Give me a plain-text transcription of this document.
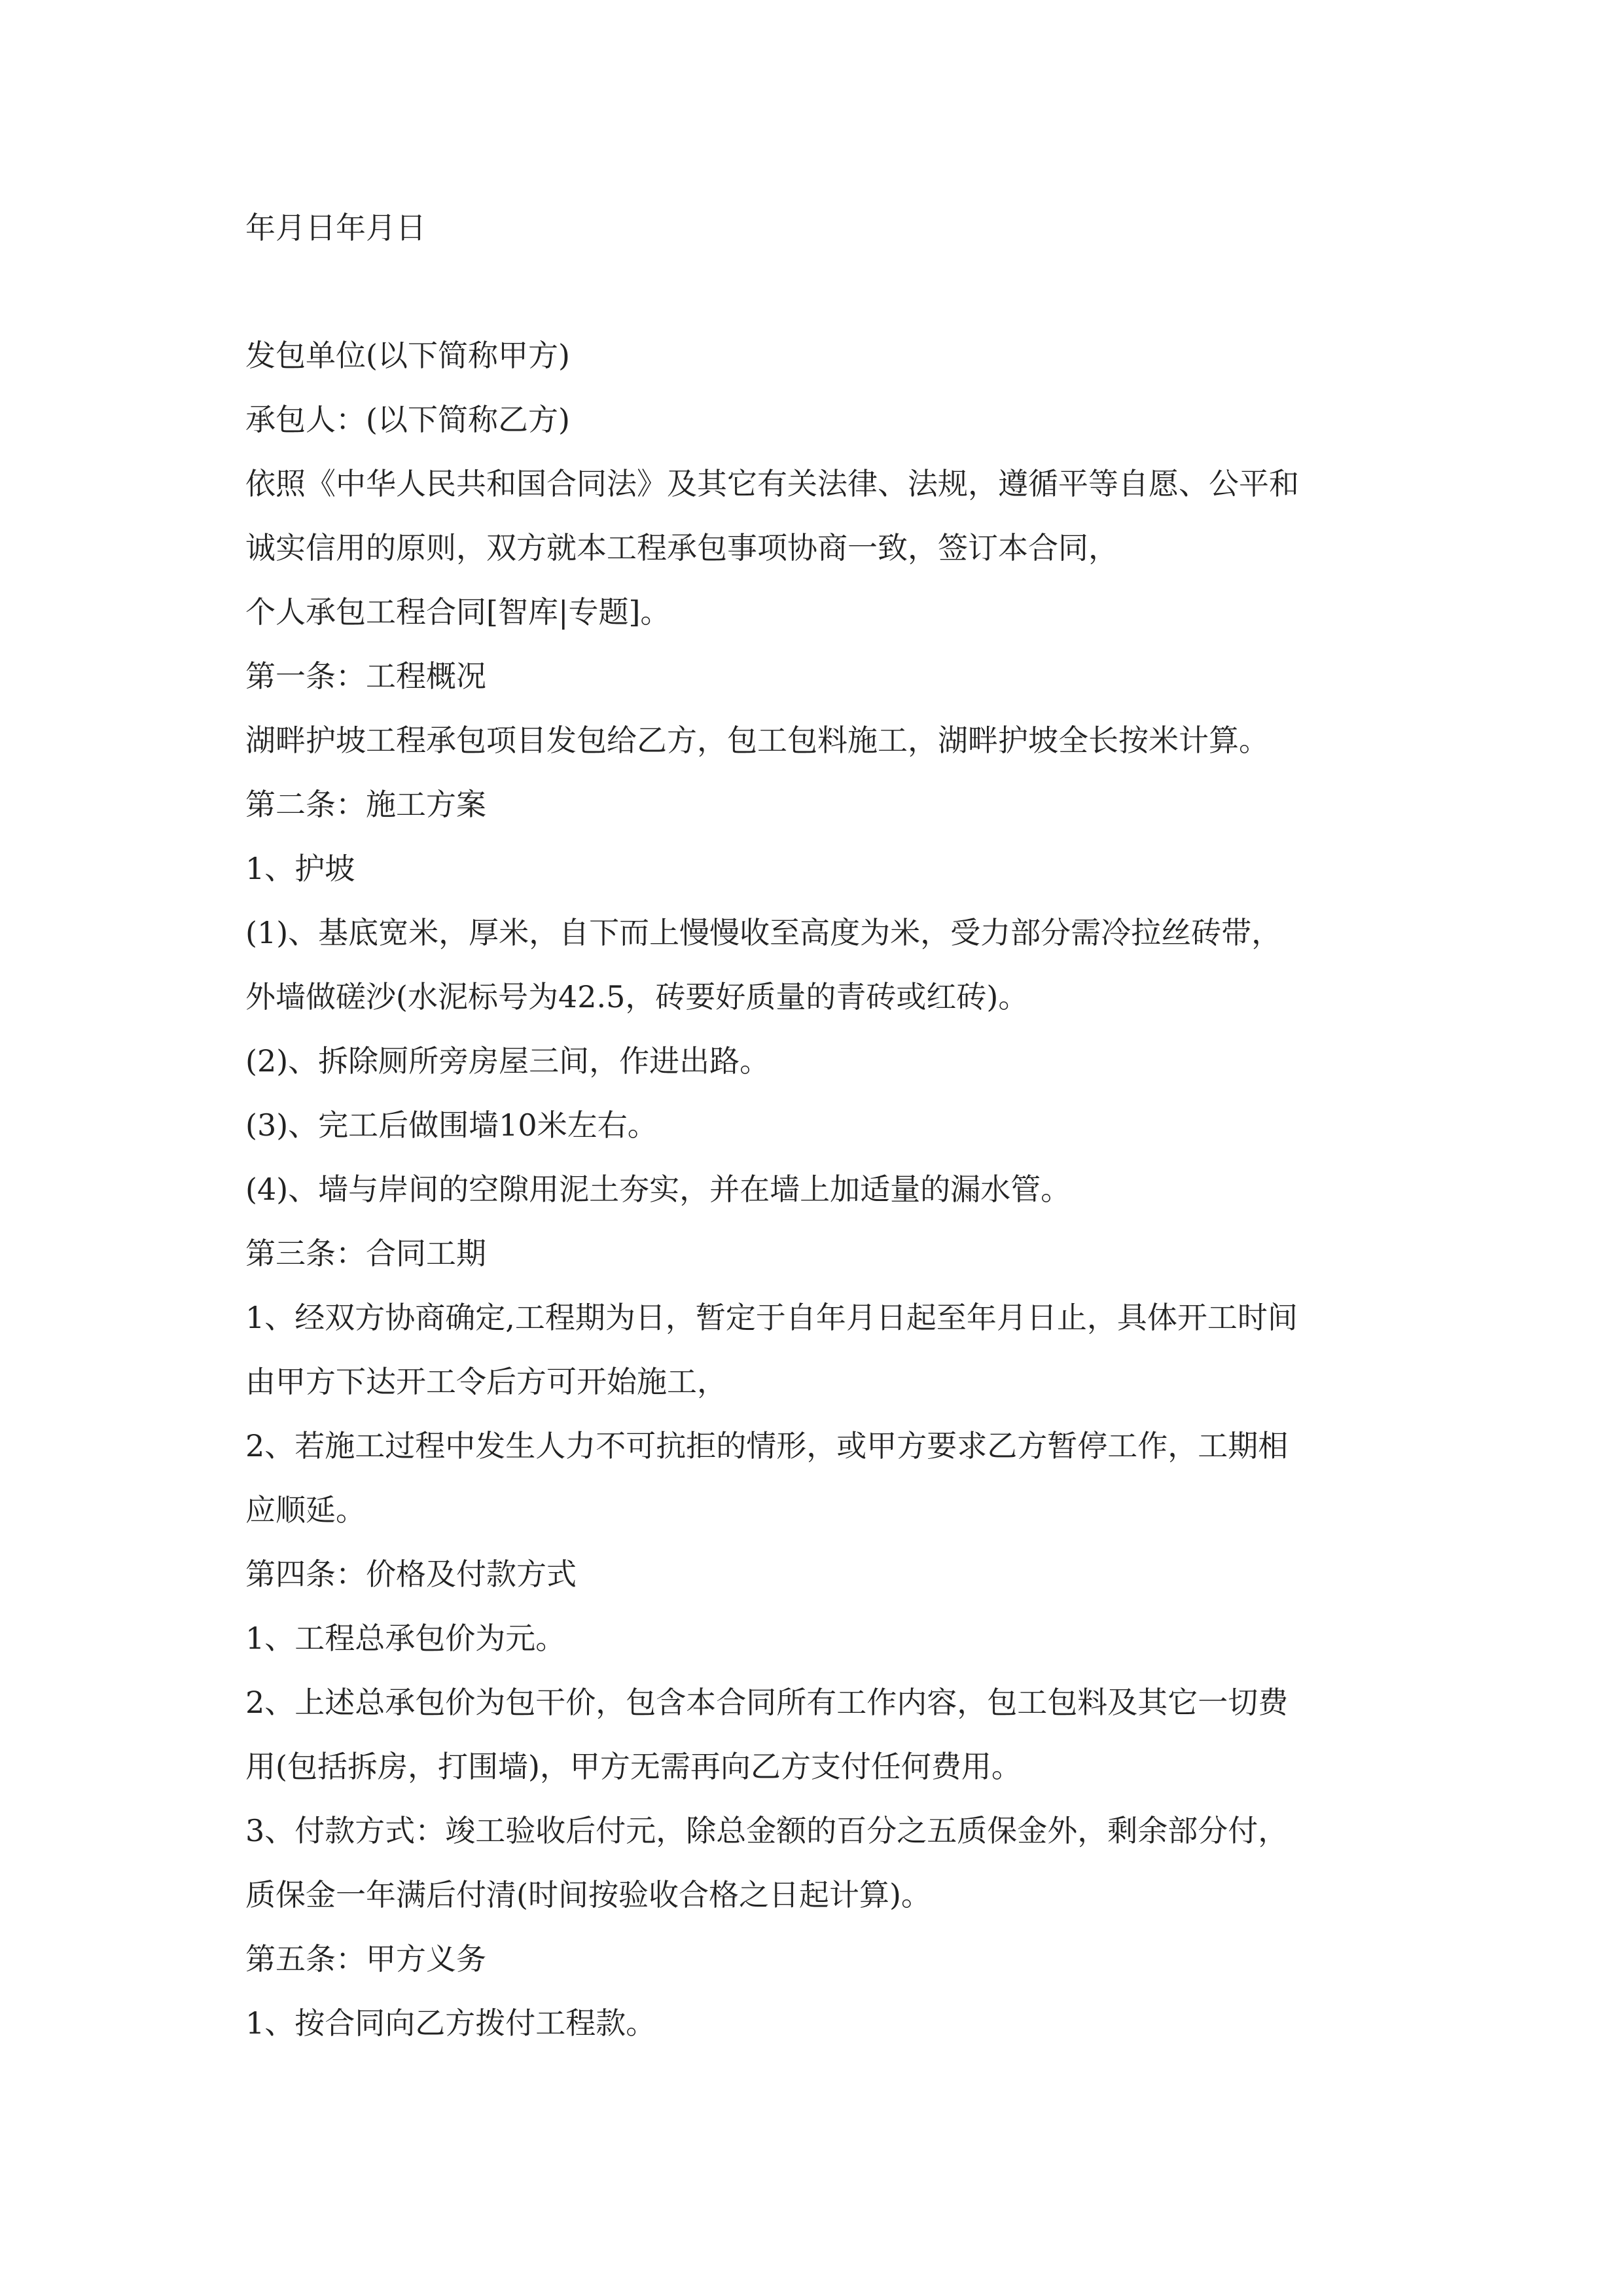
年月日年月日
发包单位(以下简称甲方)
承包人：(以下简称乙方)
依照《中华人民共和国合同法》及其它有关法律、法规，遵循平等自愿、公平和
诚实信用的原则，双方就本工程承包事项协商一致，签订本合同，
个人承包工程合同[智库|专题]。
第一条：工程概况
湖畔护坡工程承包项目发包给乙方，包工包料施工，湖畔护坡全长按米计算。
第二条：施工方案
1、护坡
(1)、基底宽米，厚米，自下而上慢慢收至高度为米，受力部分需冷拉丝砖带，
外墙做磋沙(水泥标号为42.5，砖要好质量的青砖或红砖)。
(2)、拆除厕所旁房屋三间，作进出路。
(3)、完工后做围墙10米左右。
(4)、墙与岸间的空隙用泥土夯实，并在墙上加适量的漏水管。
第三条：合同工期
1、经双方协商确定,工程期为日，暂定于自年月日起至年月日止，具体开工时间
由甲方下达开工令后方可开始施工，
2、若施工过程中发生人力不可抗拒的情形，或甲方要求乙方暂停工作，工期相
应顺延。
第四条：价格及付款方式
1、工程总承包价为元。
2、上述总承包价为包干价，包含本合同所有工作内容，包工包料及其它一切费
用(包括拆房，打围墙)，甲方无需再向乙方支付任何费用。
3、付款方式：竣工验收后付元，除总金额的百分之五质保金外，剩余部分付，
质保金一年满后付清(时间按验收合格之日起计算)。
第五条：甲方义务
1、按合同向乙方拨付工程款。
